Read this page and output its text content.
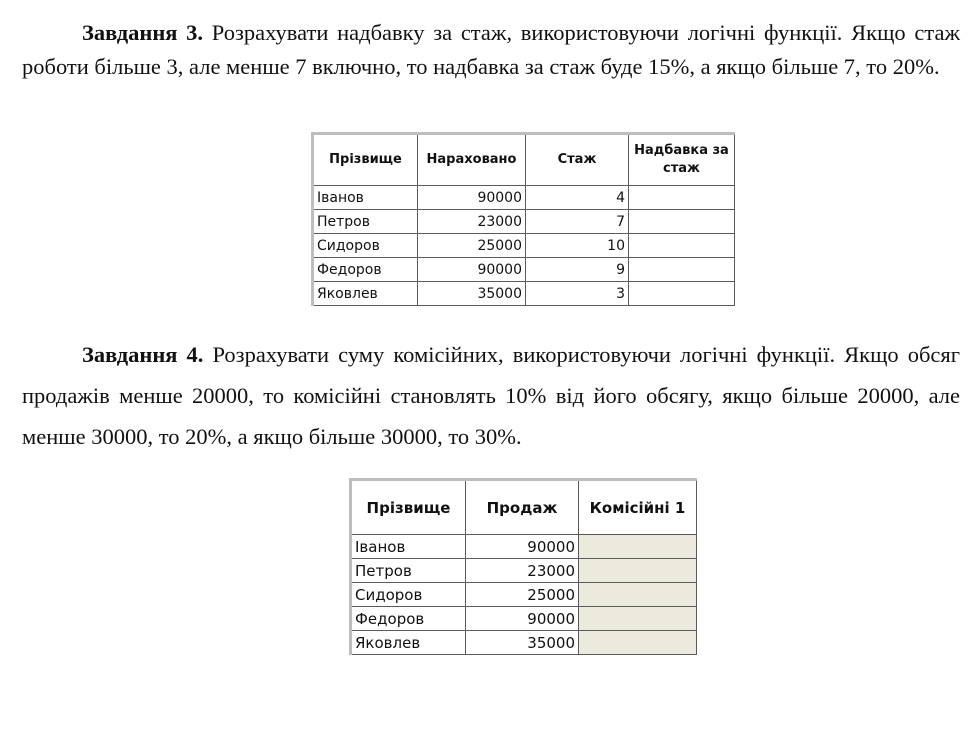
Завдання 3. Розрахувати надбавку за стаж, використовуючи логічні функції. Якщо стаж роботи більше 3, але менше 7 включно, то надбавка за стаж буде 15%, а якщо більше 7, то 20%.

Прізвище	Нараховано	Стаж	Надбавка за стаж
Іванов	90000	4	
Петров	23000	7	
Сидоров	25000	10	
Федоров	90000	9	
Яковлев	35000	3	

Завдання 4. Розрахувати суму комісійних, використовуючи логічні функції. Якщо обсяг продажів менше 20000, то комісійні становлять 10% від його обсягу, якщо більше 20000, але менше 30000, то 20%, а якщо більше 30000, то 30%.

Прізвище	Продаж	Комісійні 1
Іванов	90000	
Петров	23000	
Сидоров	25000	
Федоров	90000	
Яковлев	35000	
